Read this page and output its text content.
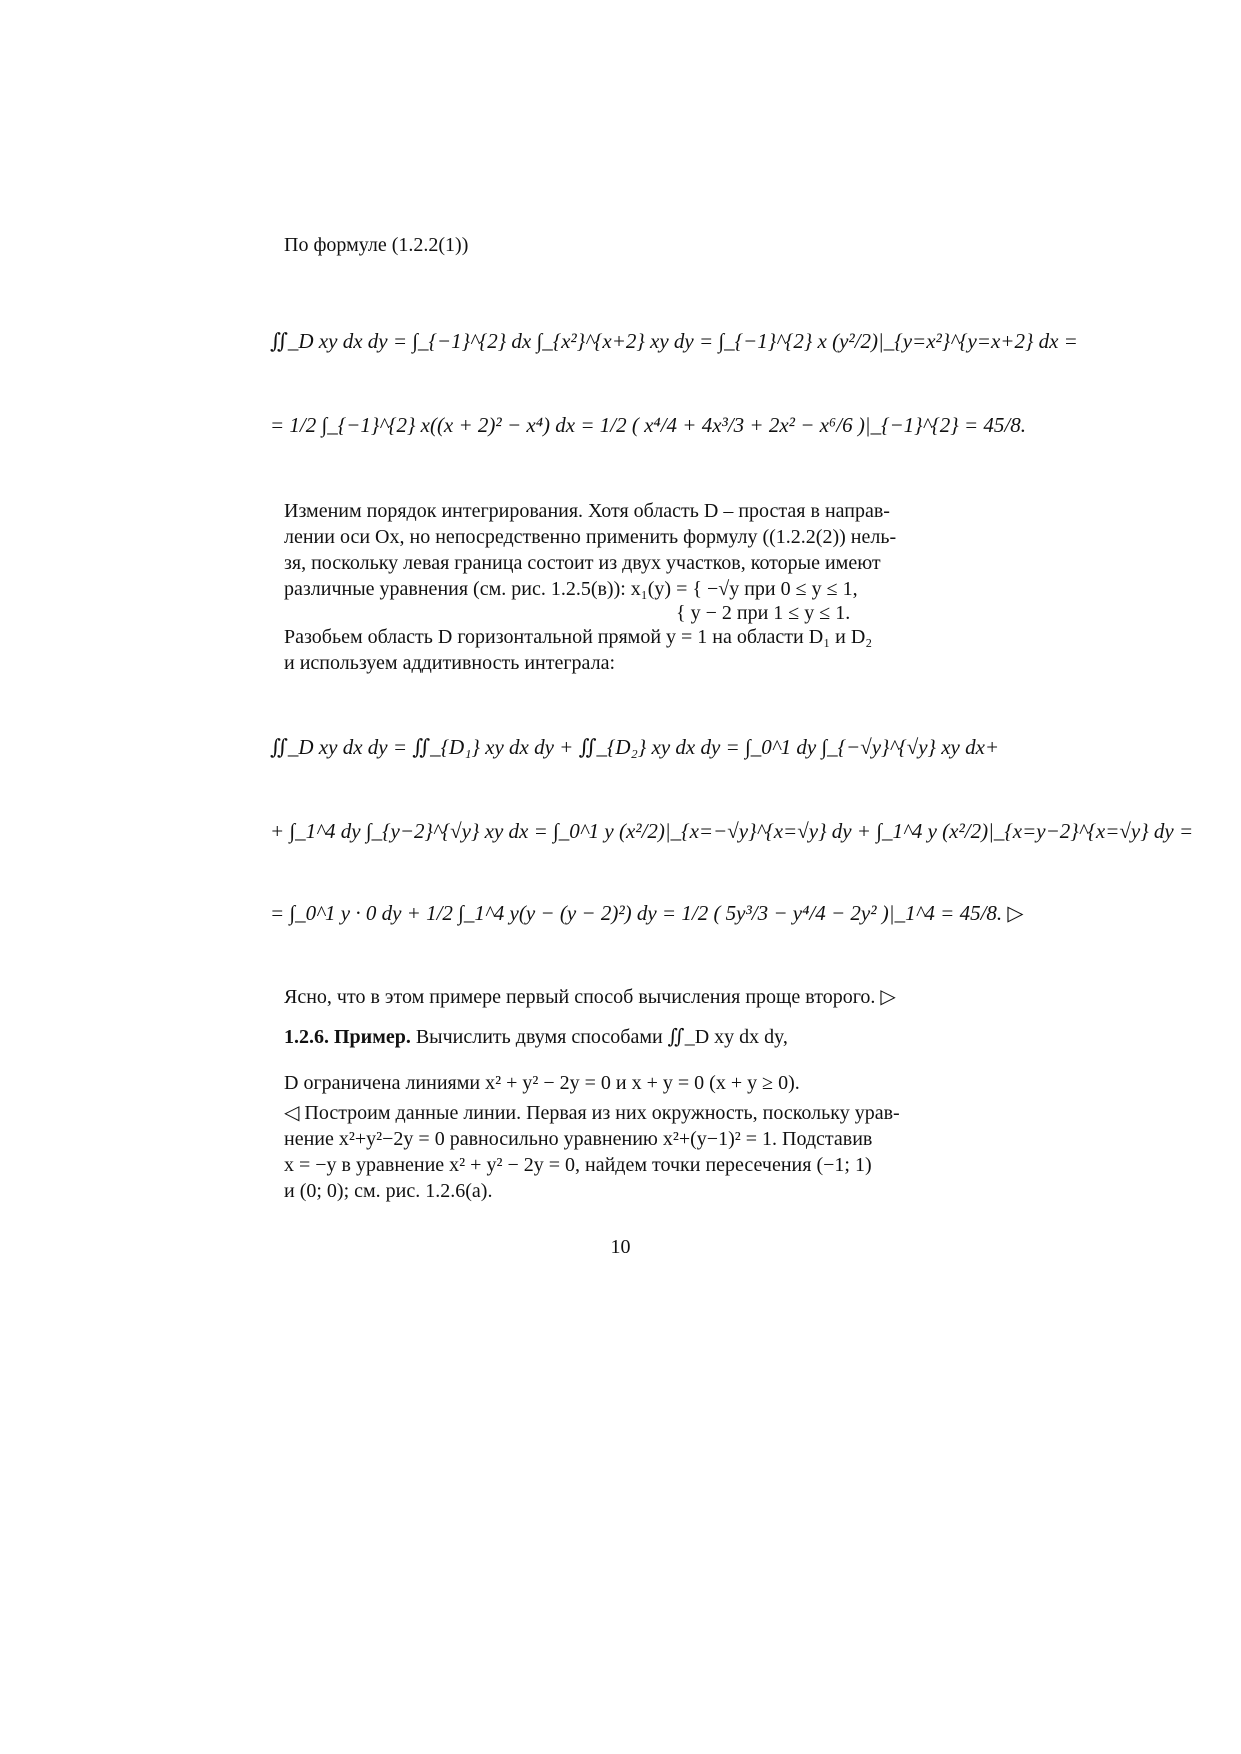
По формуле (1.2.2(1))

∬_D xy dx dy = ∫_{−1}^{2} dx ∫_{x²}^{x+2} xy dy = ∫_{−1}^{2} x (y²/2)|_{y=x²}^{y=x+2} dx =

= 1/2 ∫_{−1}^{2} x((x + 2)² − x⁴) dx = 1/2 ( x⁴/4 + 4x³/3 + 2x² − x⁶/6 )|_{−1}^{2} = 45/8.

Изменим порядок интегрирования. Хотя область D – простая в направ-

лении оси Ox, но непосредственно применить формулу ((1.2.2(2)) нель-

зя, поскольку левая граница состоит из двух участков, которые имеют

различные уравнения (см. рис. 1.2.5(в)): x₁(y) = { −√y при 0 ≤ y ≤ 1,

{ y − 2 при 1 ≤ y ≤ 1.

Разобьем область D горизонтальной прямой y = 1 на области D₁ и D₂

и используем аддитивность интеграла:

∬_D xy dx dy = ∬_{D₁} xy dx dy + ∬_{D₂} xy dx dy = ∫_0^1 dy ∫_{−√y}^{√y} xy dx+

+ ∫_1^4 dy ∫_{y−2}^{√y} xy dx = ∫_0^1 y (x²/2)|_{x=−√y}^{x=√y} dy + ∫_1^4 y (x²/2)|_{x=y−2}^{x=√y} dy =

= ∫_0^1 y · 0 dy + 1/2 ∫_1^4 y(y − (y − 2)²) dy = 1/2 ( 5y³/3 − y⁴/4 − 2y² )|_1^4 = 45/8. ▷

Ясно, что в этом примере первый способ вычисления проще второго. ▷

1.2.6. Пример. Вычислить двумя способами ∬_D xy dx dy,

D ограничена линиями x² + y² − 2y = 0 и x + y = 0 (x + y ≥ 0).

◁ Построим данные линии. Первая из них окружность, поскольку урав-

нение x²+y²−2y = 0 равносильно уравнению x²+(y−1)² = 1. Подставив

x = −y в уравнение x² + y² − 2y = 0, найдем точки пересечения (−1; 1)

и (0; 0); см. рис. 1.2.6(а).

10
